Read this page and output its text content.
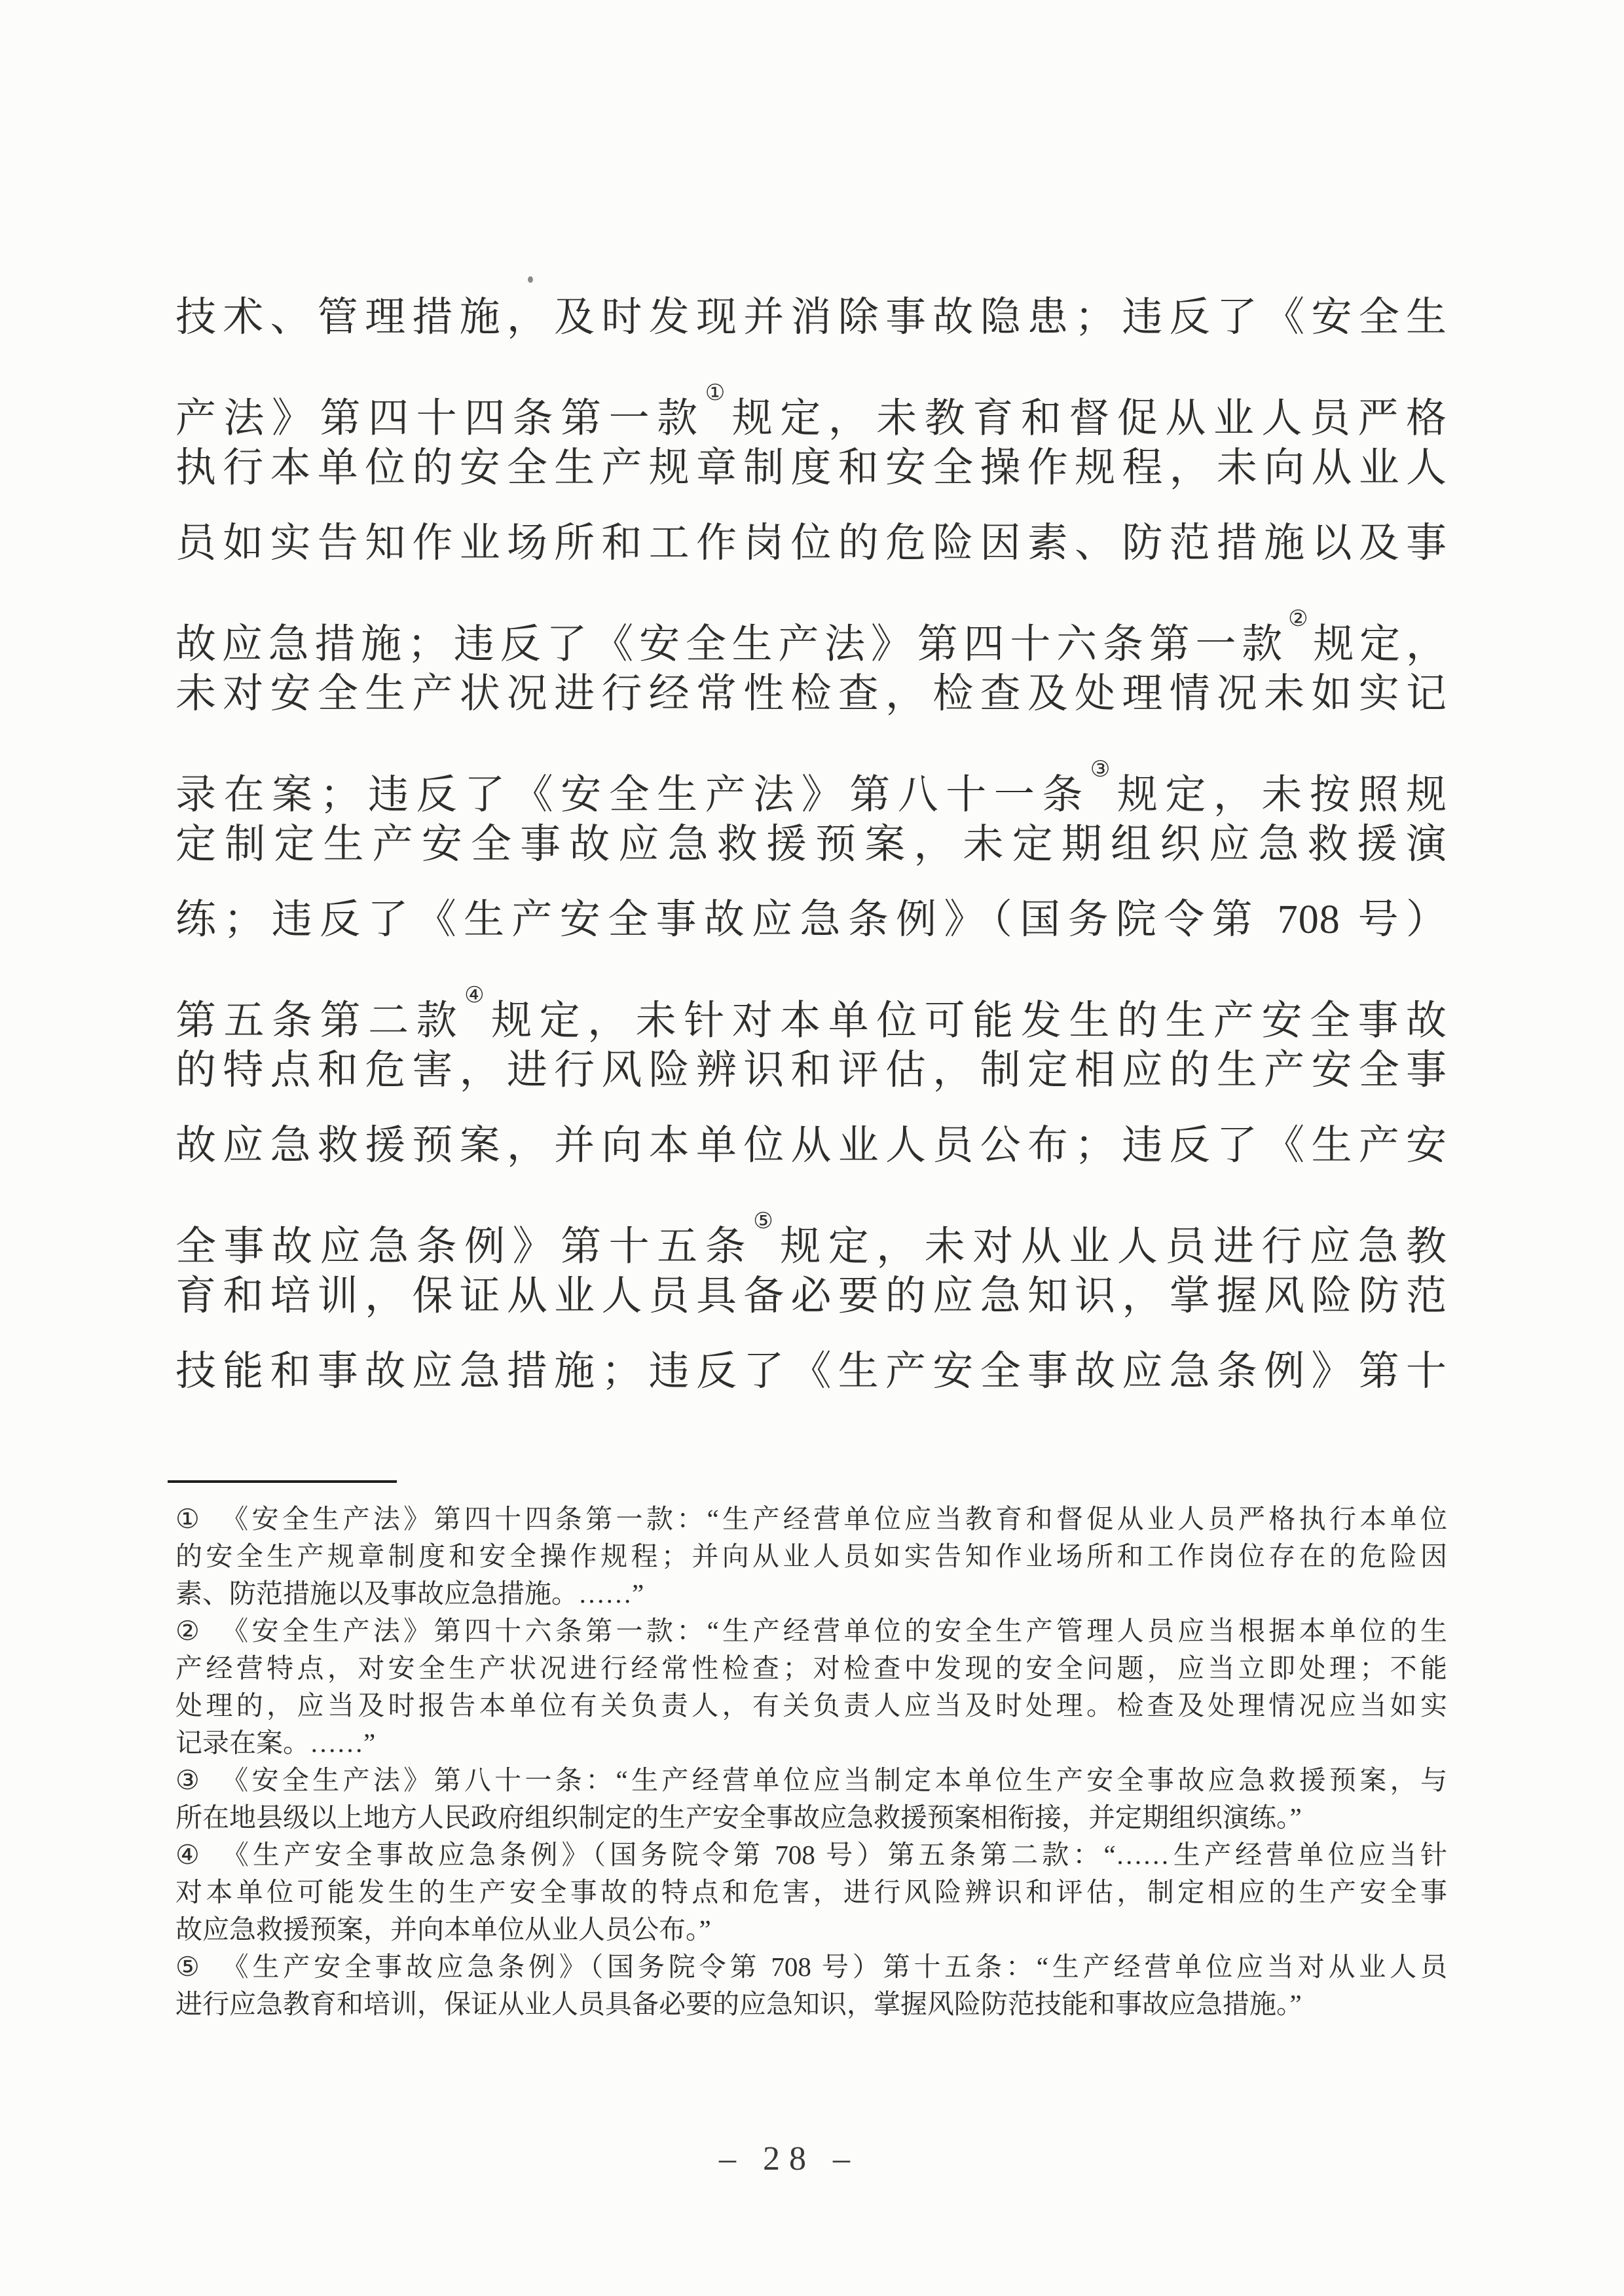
技术、管理措施，及时发现并消除事故隐患；违反了《安全生
产法》第四十四条第一款①规定，未教育和督促从业人员严格
执行本单位的安全生产规章制度和安全操作规程，未向从业人
员如实告知作业场所和工作岗位的危险因素、防范措施以及事
故应急措施；违反了《安全生产法》第四十六条第一款②规定，
未对安全生产状况进行经常性检查，检查及处理情况未如实记
录在案；违反了《安全生产法》第八十一条③规定，未按照规
定制定生产安全事故应急救援预案，未定期组织应急救援演
练；违反了《生产安全事故应急条例》（国务院令第 708 号）
第五条第二款④规定，未针对本单位可能发生的生产安全事故
的特点和危害，进行风险辨识和评估，制定相应的生产安全事
故应急救援预案，并向本单位从业人员公布；违反了《生产安
全事故应急条例》第十五条⑤规定，未对从业人员进行应急教
育和培训，保证从业人员具备必要的应急知识，掌握风险防范
技能和事故应急措施；违反了《生产安全事故应急条例》第十
① 《安全生产法》第四十四条第一款：“生产经营单位应当教育和督促从业人员严格执行本单位
的安全生产规章制度和安全操作规程；并向从业人员如实告知作业场所和工作岗位存在的危险因
素、防范措施以及事故应急措施。……”
② 《安全生产法》第四十六条第一款：“生产经营单位的安全生产管理人员应当根据本单位的生
产经营特点，对安全生产状况进行经常性检查；对检查中发现的安全问题，应当立即处理；不能
处理的，应当及时报告本单位有关负责人，有关负责人应当及时处理。检查及处理情况应当如实
记录在案。……”
③ 《安全生产法》第八十一条：“生产经营单位应当制定本单位生产安全事故应急救援预案，与
所在地县级以上地方人民政府组织制定的生产安全事故应急救援预案相衔接，并定期组织演练。”
④ 《生产安全事故应急条例》（国务院令第 708 号）第五条第二款：“……生产经营单位应当针
对本单位可能发生的生产安全事故的特点和危害，进行风险辨识和评估，制定相应的生产安全事
故应急救援预案，并向本单位从业人员公布。”
⑤ 《生产安全事故应急条例》（国务院令第 708 号）第十五条：“生产经营单位应当对从业人员
进行应急教育和培训，保证从业人员具备必要的应急知识，掌握风险防范技能和事故应急措施。”
– 28 –
